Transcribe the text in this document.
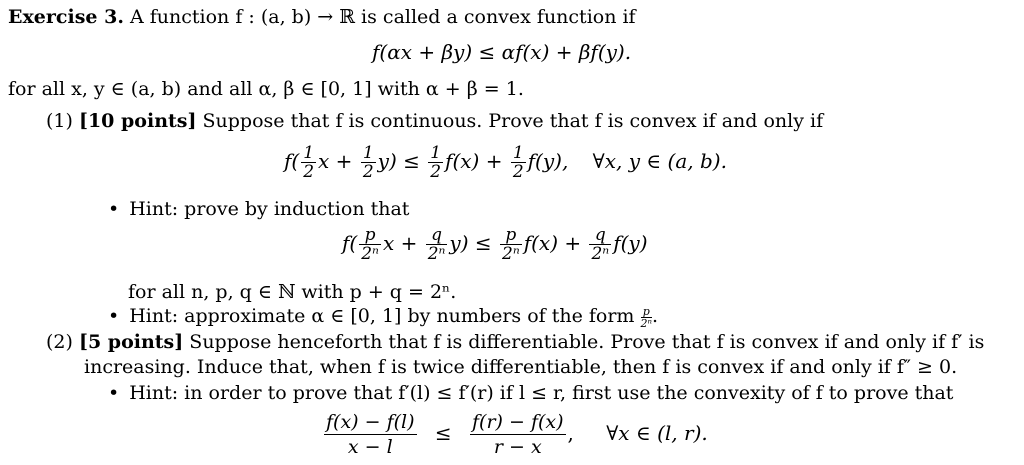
Exercise 3. A function f : (a, b) → ℝ is called a convex function if
f(αx + βy) ≤ αf(x) + βf(y).
for all x, y ∈ (a, b) and all α, β ∈ [0, 1] with α + β = 1.
(1) [10 points] Suppose that f is continuous. Prove that f is convex if and only if
$f( \frac{1}{2}$ $x + \frac{1}{2} y) \le \frac{1}{2} f(x) + \frac{1}{2} f(y)$, ∀x, y ∈ (a, b).
• Hint: prove by induction that
$f( \frac{p}{\text{2ⁿ}}$ $x + \frac{q}{\text{2ⁿ}} y) \le \frac{p}{\text{2ⁿ}} f(x) + \frac{q}{\text{2ⁿ}} f(y)$
for all n, p, q ∈ ℕ with p + q = 2ⁿ.
• Hint: approximate α ∈ [0, 1] by numbers of the form $\frac{p}{\text{2ⁿ}}$ .
(2) [5 points] Suppose henceforth that f is differentiable. Prove that f is convex if and only if f′ is
increasing. Induce that, when f is twice differentiable, then f is convex if and only if f″ ≥ 0.
• Hint: in order to prove that f′(l) ≤ f′(r) if l ≤ r, first use the convexity of f to prove that
$\frac{f(x) - f(l)}{x - l} \le \frac{f(r) - f(x)}{r - x}$ , ∀x ∈ (l, r).
